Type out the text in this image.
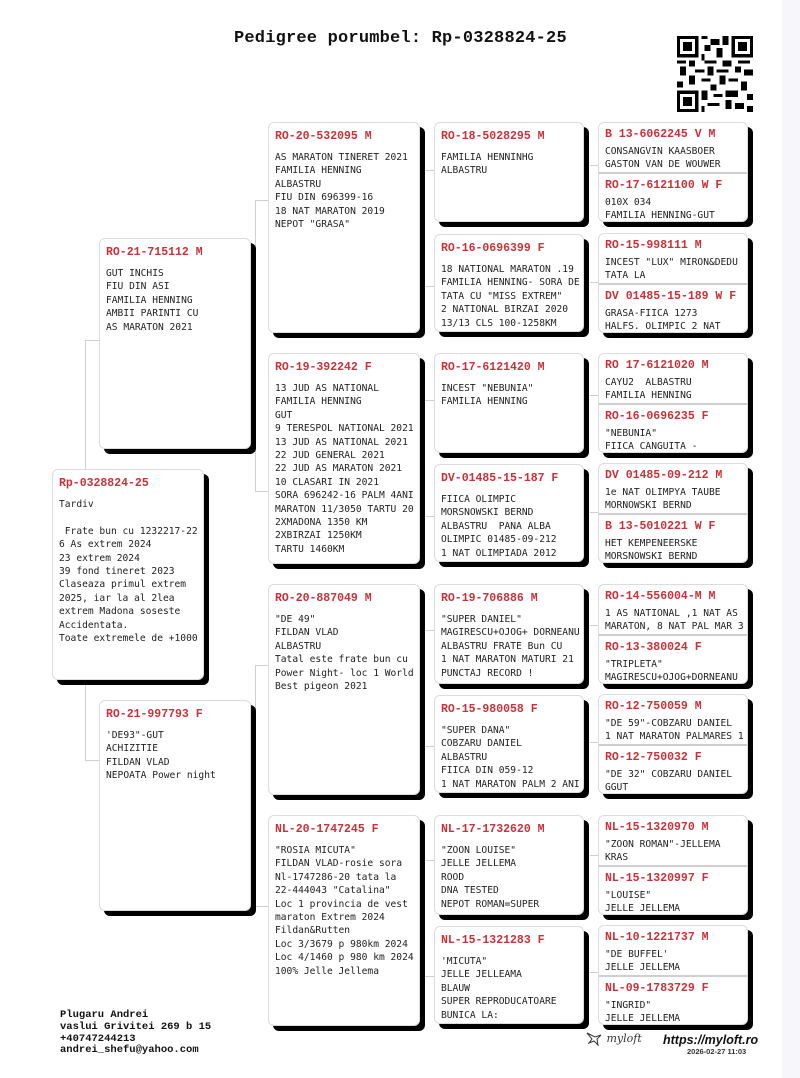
Pedigree porumbel: Rp-0328824-25
Rp-0328824-25
Tardiv

Frate bun cu 1232217-22
6 As extrem 2024
23 extrem 2024
39 fond tineret 2023
Claseaza primul extrem
2025, iar la al 2lea
extrem Madona soseste
Accidentata.
Toate extremele de +1000
RO-21-715112 M
GUT INCHIS
FIU DIN ASI
FAMILIA HENNING
AMBII PARINTI CU
AS MARATON 2021
RO-21-997793 F
'DE93"-GUT
ACHIZITIE
FILDAN VLAD
NEPOATA Power night
RO-20-532095 M
AS MARATON TINERET 2021
FAMILIA HENNING
ALBASTRU
FIU DIN 696399-16
18 NAT MARATON 2019
NEPOT "GRASA"
RO-19-392242 F
13 JUD AS NATIONAL
FAMILIA HENNING
GUT
9 TERESPOL NATIONAL 2021
13 JUD AS NATIONAL 2021
22 JUD GENERAL 2021
22 JUD AS MARATON 2021
10 CLASARI IN 2021
SORA 696242-16 PALM 4ANI
MARATON 11/3050 TARTU 20
2XMADONA 1350 KM
2XBIRZAI 1250KM
TARTU 1460KM
RO-20-887049 M
"DE 49"
FILDAN VLAD
ALBASTRU
Tatal este frate bun cu
Power Night- loc 1 World
Best pigeon 2021
NL-20-1747245 F
"ROSIA MICUTA"
FILDAN VLAD-rosie sora
Nl-1747286-20 tata la
22-444043 "Catalina"
Loc 1 provincia de vest
maraton Extrem 2024
Fildan&Rutten
Loc 3/3679 p 980km 2024
Loc 4/1460 p 980 km 2024
100% Jelle Jellema
RO-18-5028295 M
FAMILIA HENNINHG
ALBASTRU
RO-16-0696399 F
18 NATIONAL MARATON .19
FAMILIA HENNING- SORA DE
TATA CU "MISS EXTREM"
2 NATIONAL BIRZAI 2020
13/13 CLS 100-1258KM
RO-17-6121420 M
INCEST "NEBUNIA"
FAMILIA HENNING
DV-01485-15-187 F
FIICA OLIMPIC
MORSNOWSKI BERND
ALBASTRU  PANA ALBA
OLIMPIC 01485-09-212
1 NAT OLIMPIADA 2012
RO-19-706886 M
"SUPER DANIEL"
MAGIRESCU+OJOG+ DORNEANU
ALBASTRU FRATE Bun CU
1 NAT MARATON MATURI 21
PUNCTAJ RECORD !
RO-15-980058 F
"SUPER DANA"
COBZARU DANIEL
ALBASTRU
FIICA DIN 059-12
1 NAT MARATON PALM 2 ANI
NL-17-1732620 M
"ZOON LOUISE"
JELLE JELLEMA
ROOD
DNA TESTED
NEPOT ROMAN=SUPER
NL-15-1321283 F
'MICUTA"
JELLE JELLEAMA
BLAUW
SUPER REPRODUCATOARE
BUNICA LA:
B 13-6062245 V M
CONSANGVIN KAASBOER
GASTON VAN DE WOUWER
RO-17-6121100 W F
010X 034
FAMILIA HENNING-GUT
RO-15-998111 M
INCEST "LUX" MIRON&DEDU
TATA LA
DV 01485-15-189 W F
GRASA-FIICA 1273
HALFS. OLIMPIC 2 NAT
RO 17-6121020 M
CAYU2  ALBASTRU
FAMILIA HENNING
RO-16-0696235 F
"NEBUNIA"
FIICA CANGUITA -
DV 01485-09-212 M
1e NAT OLIMPYA TAUBE
MORNOWSKI BERND
B 13-5010221 W F
HET KEMPENEERSKE
MORSNOWSKI BERND
RO-14-556004-M M
1 AS NATIONAL ,1 NAT AS
MARATON, 8 NAT PAL MAR 3
RO-13-380024 F
"TRIPLETA"
MAGIRESCU+OJOG+DORNEANU
RO-12-750059 M
"DE 59"-COBZARU DANIEL
1 NAT MARATON PALMARES 1
RO-12-750032 F
"DE 32" COBZARU DANIEL
GGUT
NL-15-1320970 M
"ZOON ROMAN"-JELLEMA
KRAS
NL-15-1320997 F
"LOUISE"
JELLE JELLEMA
NL-10-1221737 M
"DE BUFFEL'
JELLE JELLEMA
NL-09-1783729 F
"INGRID"
JELLE JELLEMA
Plugaru Andrei
vaslui Grivitei 269 b 15
+40747244213
andrei_shefu@yahoo.com
myloft https://myloft.ro
2026-02-27 11:03
